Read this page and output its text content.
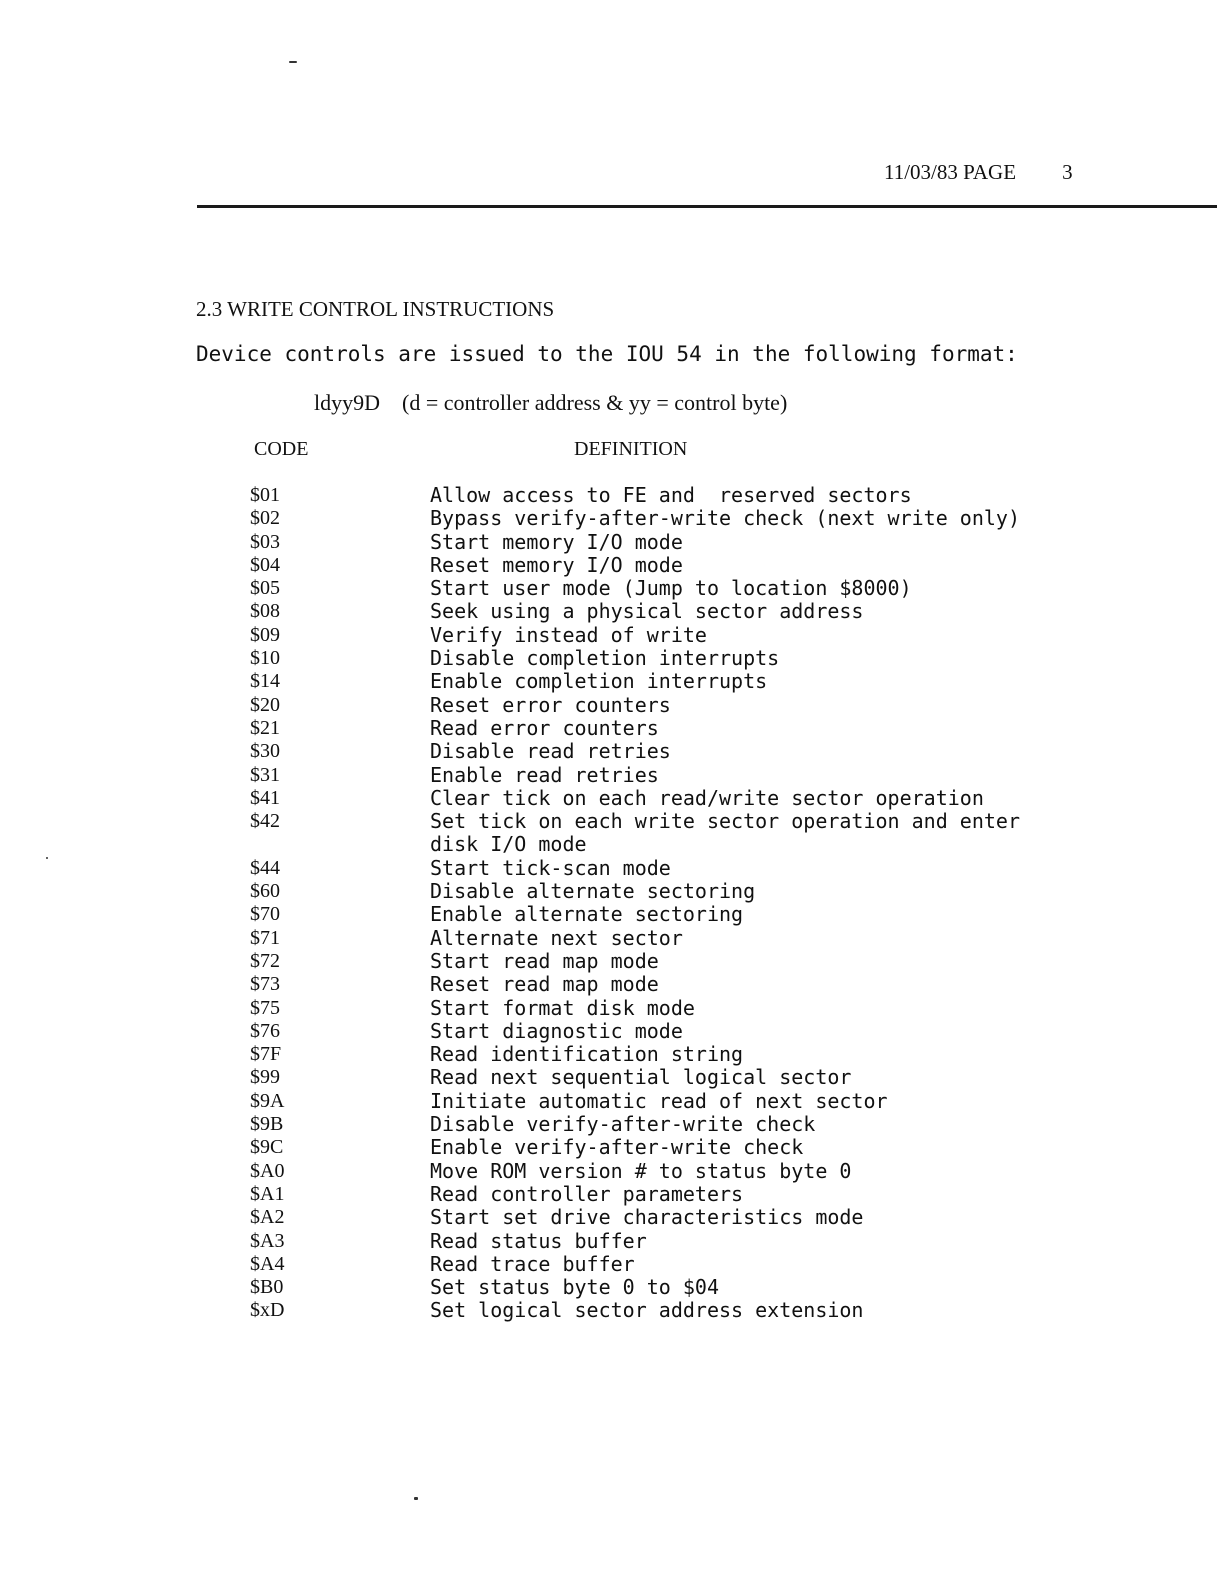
11/03/83 PAGE 3
2.3 WRITE CONTROL INSTRUCTIONS
Device controls are issued to the IOU 54 in the following format:
ldyy9D (d = controller address & yy = control byte)
CODE	DEFINITION
$01	Allow access to FE and  reserved sectors
$02	Bypass verify-after-write check (next write only)
$03	Start memory I/O mode
$04	Reset memory I/O mode
$05	Start user mode (Jump to location $8000)
$08	Seek using a physical sector address
$09	Verify instead of write
$10	Disable completion interrupts
$14	Enable completion interrupts
$20	Reset error counters
$21	Read error counters
$30	Disable read retries
$31	Enable read retries
$41	Clear tick on each read/write sector operation
$42	Set tick on each write sector operation and enter disk I/O mode
$44	Start tick-scan mode
$60	Disable alternate sectoring
$70	Enable alternate sectoring
$71	Alternate next sector
$72	Start read map mode
$73	Reset read map mode
$75	Start format disk mode
$76	Start diagnostic mode
$7F	Read identification string
$99	Read next sequential logical sector
$9A	Initiate automatic read of next sector
$9B	Disable verify-after-write check
$9C	Enable verify-after-write check
$A0	Move ROM version # to status byte 0
$A1	Read controller parameters
$A2	Start set drive characteristics mode
$A3	Read status buffer
$A4	Read trace buffer
$B0	Set status byte 0 to $04
$xD	Set logical sector address extension
